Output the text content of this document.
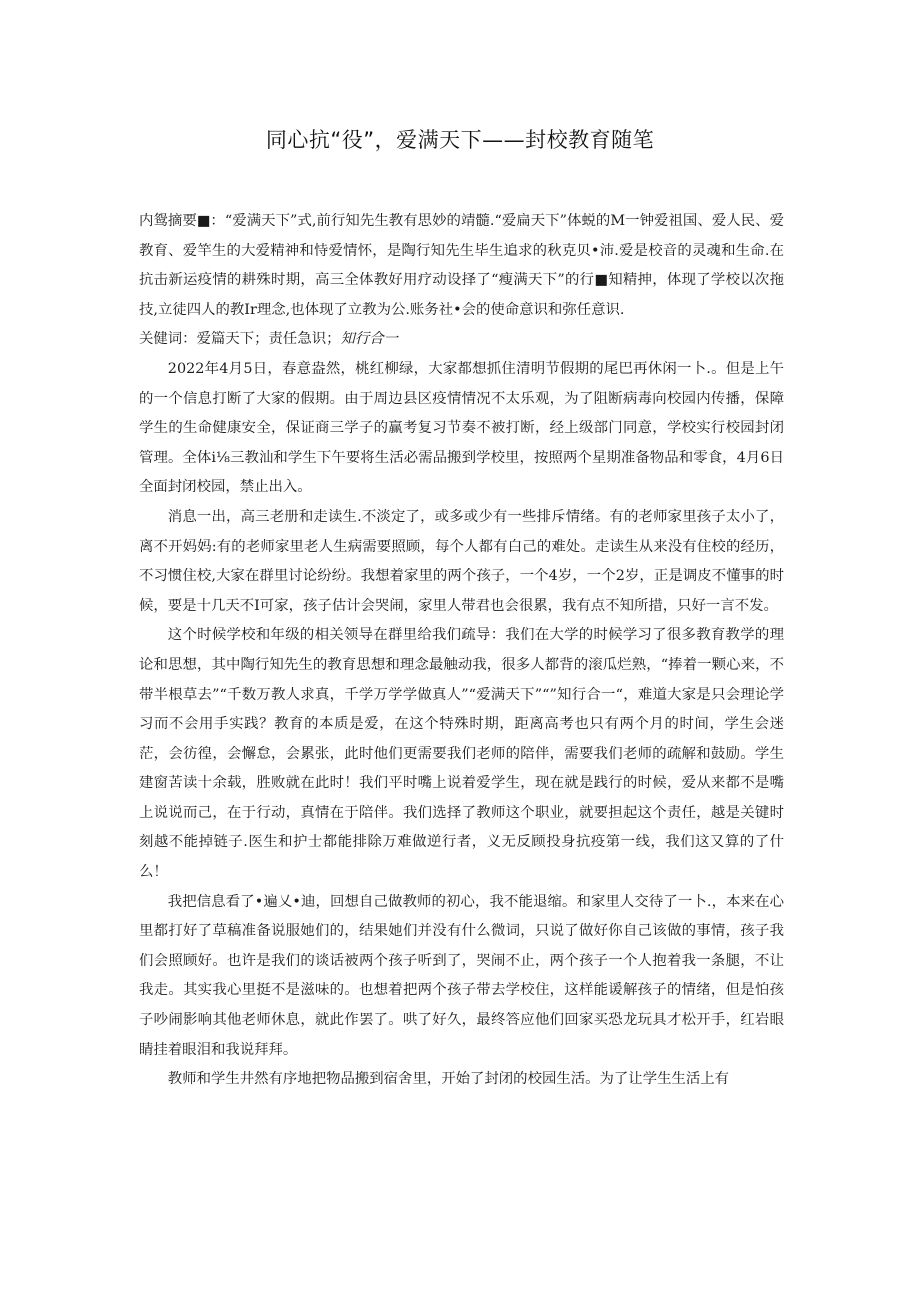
同心抗“役”，爱满天下——封校教育随笔

内鸳摘要■：“爱满天下”式,前行知先生教有思妙的靖髓.“爱扁天下”体蜕的M一钟爱祖国、爱人民、爱教育、爱竿生的大爱精神和恃爱情怀，是陶行知先生毕生追求的秋克贝•沛.爱是校音的灵魂和生命.在抗击新运疫情的耕殊时期，高三全体教好用疗动设择了“瘦满天下”的行■知精抻，体现了学校以次拖技,立徒四人的教Ir理念,也体现了立教为公.账务社•会的使命意识和弥任意识.

关健词：爱篇天下；责任急识；知行合一

2022年4月5日，春意盎然，桃红柳绿，大家都想抓住清明节假期的尾巴再休闲一卜.。但是上午的一个信息打断了大家的假期。由于周边县区疫情情况不太乐观，为了阻断病毒向校园内传播，保障学生的生命健康安全，保证商三学子的赢考复习节奏不被打断，经上级部门同意，学校实行校园封闭管理。全体i⅛三教汕和学生下午要将生活必需品搬到学校里，按照两个星期准备物品和零食，4月6日全面封闭校园，禁止出入。

消息一出，高三老册和走读生.不淡定了，或多或少有一些排斥情绪。有的老师家里孩子太小了，离不开妈妈:有的老师家里老人生病需要照顾，每个人都有白己的难处。走读生从来没有住校的经历，不习惯住校,大家在群里讨论纷纷。我想着家里的两个孩子，一个4岁，一个2岁，正是调皮不懂事的时候，要是十几天不I可家，孩子估计会哭闹，家里人带君也会很累，我有点不知所措，只好一言不发。

这个时候学校和年级的相关领导在群里给我们疏导：我们在大学的时候学习了很多教育教学的理论和思想，其中陶行知先生的教育思想和理念最触动我，很多人都背的滚瓜烂熟，“捧着一颗心来，不带半根草去”“千数万教人求真，千学万学学做真人”“爱满天下”“”知行合一“，难道大家是只会理论学习而不会用手实践？教育的本质是爱，在这个特殊时期，距离高考也只有两个月的时间，学生会迷茫，会彷徨，会懈怠，会累张，此时他们更需要我们老师的陪伴，需要我们老师的疏解和鼓励。学生建窗苦读十余载，胜败就在此时！我们平时嘴上说着爱学生，现在就是践行的时候，爱从来都不是嘴上说说而己，在于行动，真情在于陪伴。我们选择了教师这个职业，就要担起这个责任，越是关键时刻越不能掉链子.医生和护士都能排除万难做逆行者，义无反顾投身抗疫第一线，我们这又算的了什么！

我把信息看了•遍乂•迪，回想自己做教师的初心，我不能退缩。和家里人交待了一卜.，本来在心里都打好了草稿准备说服她们的，结果她们并没有什么微词，只说了做好你自己该做的事情，孩子我们会照顾好。也许是我们的谈话被两个孩子听到了，哭闹不止，两个孩子一个人抱着我一条腿，不让我走。其实我心里挺不是滋味的。也想着把两个孩子带去学校住，这样能谖解孩子的情绪，但是怕孩子吵闹影响其他老师休息，就此作罢了。哄了好久，最终答应他们回家买恐龙玩具才松开手，红岩眼睛挂着眼泪和我说拜拜。

教师和学生井然有序地把物品搬到宿舍里，开始了封闭的校园生活。为了让学生生活上有
